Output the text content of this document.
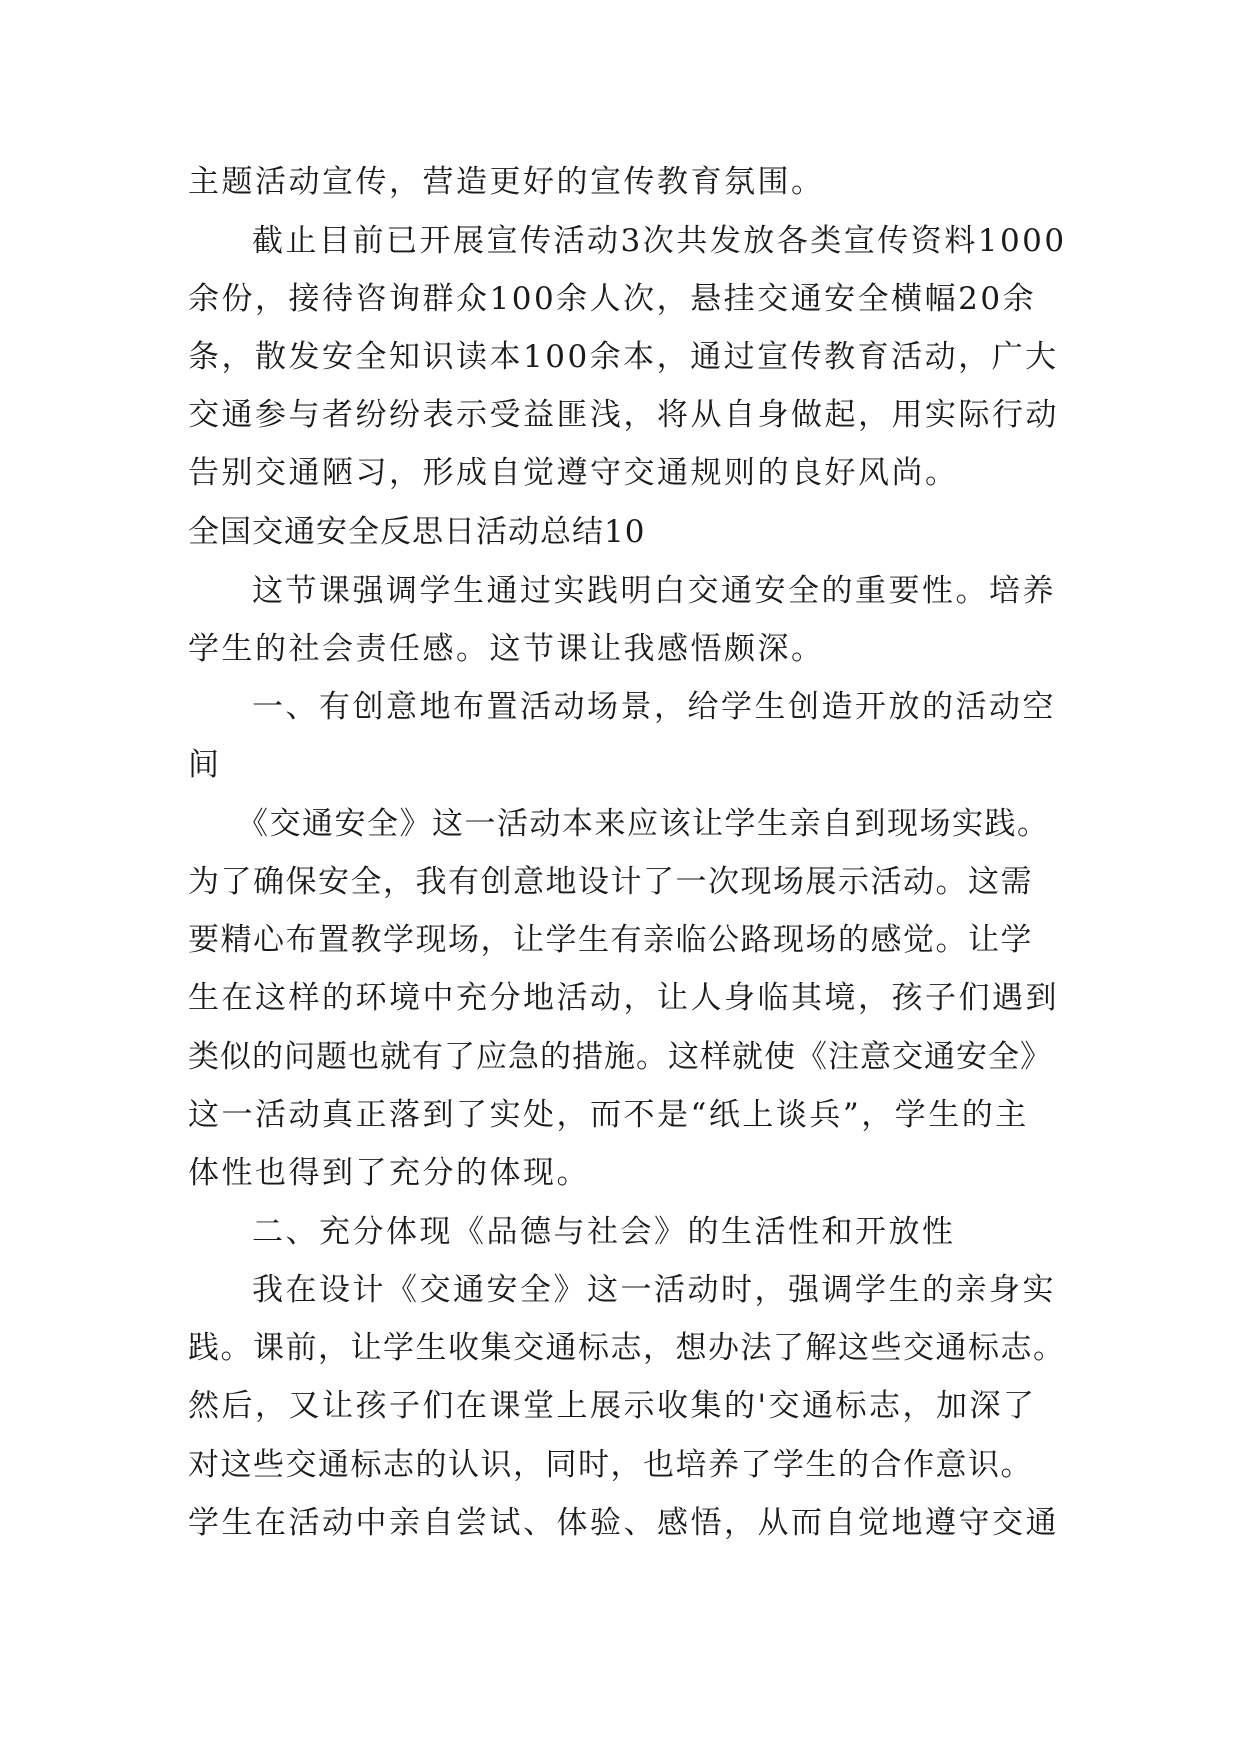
主题活动宣传，营造更好的宣传教育氛围。
截止目前已开展宣传活动3次共发放各类宣传资料1000
余份，接待咨询群众100余人次，悬挂交通安全横幅20余
条，散发安全知识读本100余本，通过宣传教育活动，广大
交通参与者纷纷表示受益匪浅，将从自身做起，用实际行动
告别交通陋习，形成自觉遵守交通规则的良好风尚。
全国交通安全反思日活动总结10
这节课强调学生通过实践明白交通安全的重要性。培养
学生的社会责任感。这节课让我感悟颇深。
一、有创意地布置活动场景，给学生创造开放的活动空
间
《交通安全》这一活动本来应该让学生亲自到现场实践。
为了确保安全，我有创意地设计了一次现场展示活动。这需
要精心布置教学现场，让学生有亲临公路现场的感觉。让学
生在这样的环境中充分地活动，让人身临其境，孩子们遇到
类似的问题也就有了应急的措施。这样就使《注意交通安全》
这一活动真正落到了实处，而不是“纸上谈兵”，学生的主
体性也得到了充分的体现。
二、充分体现《品德与社会》的生活性和开放性
我在设计《交通安全》这一活动时，强调学生的亲身实
践。课前，让学生收集交通标志，想办法了解这些交通标志。
然后，又让孩子们在课堂上展示收集的'交通标志，加深了
对这些交通标志的认识，同时，也培养了学生的合作意识。
学生在活动中亲自尝试、体验、感悟，从而自觉地遵守交通
